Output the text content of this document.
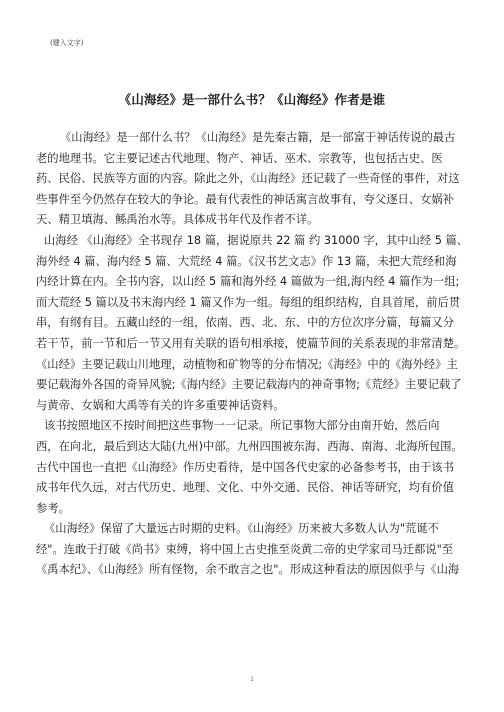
(键入文字)
《山海经》是一部什么书？《山海经》作者是谁
《山海经》是一部什么书？《山海经》是先秦古籍，是一部富于神话传说的最古
老的地理书。它主要记述古代地理、物产、神话、巫术、宗教等，也包括古史、医
药、民俗、民族等方面的内容。除此之外，《山海经》还记载了一些奇怪的事件，对这
些事件至今仍然存在较大的争论。最有代表性的神话寓言故事有，夸父逐日、女娲补
天、精卫填海、鲧禹治水等。具体成书年代及作者不详。
山海经 《山海经》全书现存 18 篇，据说原共 22 篇 约 31000 字，其中山经 5 篇、
海外经 4 篇、海内经 5 篇、大荒经 4 篇。《汉书艺文志》作 13 篇，未把大荒经和海
内经计算在内。全书内容，以山经 5 篇和海外经 4 篇做为一组,海内经 4 篇作为一组;
而大荒经 5 篇以及书末海内经 1 篇又作为一组。每组的组织结构，自具首尾，前后贯
串，有纲有目。五藏山经的一组，依南、西、北、东、中的方位次序分篇，每篇又分
若干节，前一节和后一节又用有关联的语句相承接，使篇节间的关系表现的非常清楚。
《山经》主要记载山川地理，动植物和矿物等的分布情况;《海经》中的《海外经》主
要记载海外各国的奇异风貌;《海内经》主要记载海内的神奇事物;《荒经》主要记载了
与黄帝、女娲和大禹等有关的许多重要神话资料。
该书按照地区不按时间把这些事物一一记录。所记事物大部分由南开始，然后向
西，在向北，最后到达大陆(九州)中部。九州四围被东海、西海、南海、北海所包围。
古代中国也一直把《山海经》作历史看待，是中国各代史家的必备参考书，由于该书
成书年代久远，对古代历史、地理、文化、中外交通、民俗、神话等研究，均有价值
参考。
《山海经》保留了大量远古时期的史料。《山海经》历来被大多数人认为"荒诞不
经"。连敢于打破《尚书》束缚，将中国上古史推至炎黄二帝的史学家司马迁都说"至
《禹本纪》、《山海经》所有怪物，余不敢言之也"。形成这种看法的原因似乎与《山海
1
